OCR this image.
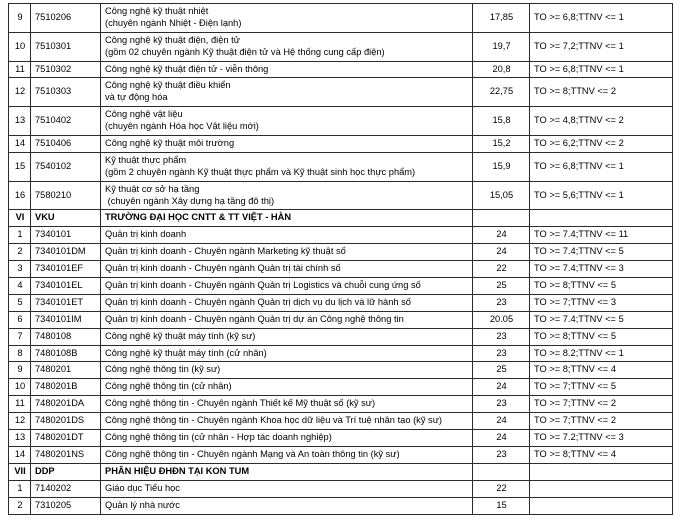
9	7510206	Công nghệ kỹ thuật nhiệt
(chuyên ngành Nhiệt - Điện lạnh)	17,85	TO >= 6,8;TTNV <= 1
10	7510301	Công nghệ kỹ thuật điện, điện tử
(gồm 02 chuyên ngành Kỹ thuật điện tử và Hệ thống cung cấp điện)	19,7	TO >= 7,2;TTNV <= 1
11	7510302	Công nghệ kỹ thuật điện tử - viễn thông	20,8	TO >= 6,8;TTNV <= 1
12	7510303	Công nghệ kỹ thuật điều khiển
và tự động hóa	22,75	TO >= 8;TTNV <= 2
13	7510402	Công nghệ vật liệu
(chuyên ngành Hóa học Vật liệu mới)	15,8	TO >= 4,8;TTNV <= 2
14	7510406	Công nghệ kỹ thuật môi trường	15,2	TO >= 6,2;TTNV <= 2
15	7540102	Kỹ thuật thực phẩm
(gồm 2 chuyên ngành Kỹ thuật thực phẩm và Kỹ thuật sinh học thực phẩm)	15,9	TO >= 6,8;TTNV <= 1
16	7580210	Kỹ thuật cơ sở hạ tầng
(chuyên ngành Xây dựng hạ tầng đô thị)	15,05	TO >= 5,6;TTNV <= 1
VI	VKU	TRƯỜNG ĐẠI HỌC CNTT & TT VIỆT - HÀN		

1	7340101	Quản trị kinh doanh	24	TO >= 7.4;TTNV <= 11
2	7340101DM	Quản trị kinh doanh - Chuyên ngành Marketing kỹ thuật số	24	TO >= 7.4;TTNV <= 5
3	7340101EF	Quản trị kinh doanh - Chuyên ngành Quản trị tài chính số	22	TO >= 7.4;TTNV <= 3
4	7340101EL	Quản trị kinh doanh - Chuyên ngành Quản trị Logistics và chuỗi cung ứng số	25	TO >= 8;TTNV <= 5
5	7340101ET	Quản trị kinh doanh - Chuyên ngành Quản trị dịch vụ du lịch và lữ hành số	23	TO >= 7;TTNV <= 3
6	7340101IM	Quản trị kinh doanh - Chuyên ngành Quản trị dự án Công nghệ thông tin	20.05	TO >= 7.4;TTNV <= 5
7	7480108	Công nghệ kỹ thuật máy tính (kỹ sư)	23	TO >= 8;TTNV <= 5
8	7480108B	Công nghệ kỹ thuật máy tính (cử nhân)	23	TO >= 8.2;TTNV <= 1
9	7480201	Công nghệ thông tin (kỹ sư)	25	TO >= 8;TTNV <= 4
10	7480201B	Công nghệ thông tin (cử nhân)	24	TO >= 7;TTNV <= 5
11	7480201DA	Công nghệ thông tin - Chuyên ngành Thiết kế Mỹ thuật số (kỹ sư)	23	TO >= 7;TTNV <= 2
12	7480201DS	Công nghệ thông tin - Chuyên ngành Khoa học dữ liệu và Trí tuệ nhân tạo (kỹ sư)	24	TO >= 7;TTNV <= 2
13	7480201DT	Công nghệ thông tin (cử nhân - Hợp tác doanh nghiệp)	24	TO >= 7.2;TTNV <= 3
14	7480201NS	Công nghệ thông tin - Chuyên ngành Mạng và An toàn thông tin (kỹ sư)	23	TO >= 8;TTNV <= 4
VII	DDP	PHÂN HIỆU ĐHĐN TẠI KON TUM		

1	7140202	Giáo dục Tiểu học	22	
2	7310205	Quản lý nhà nước	15	
